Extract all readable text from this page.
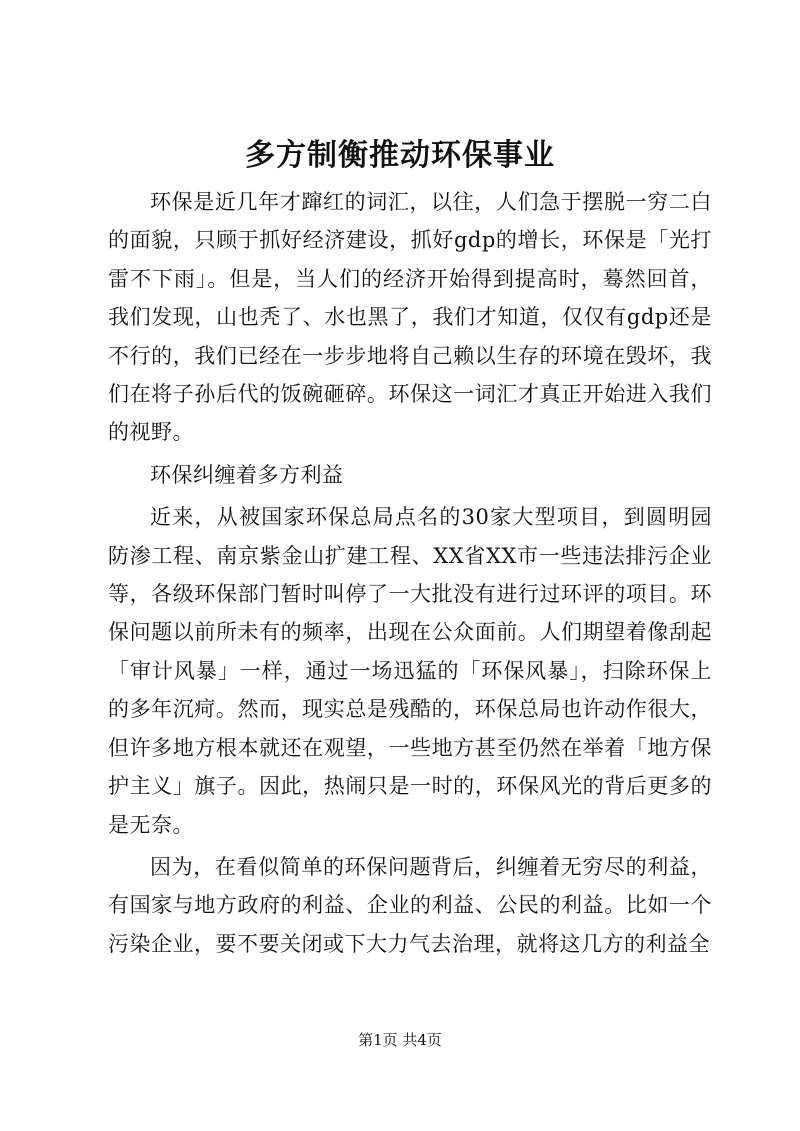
多方制衡推动环保事业

环保是近几年才蹿红的词汇，以往，人们急于摆脱一穷二白的面貌，只顾于抓好经济建设，抓好gdp的增长，环保是「光打雷不下雨」。但是，当人们的经济开始得到提高时，蓦然回首，我们发现，山也秃了、水也黑了，我们才知道，仅仅有gdp还是不行的，我们已经在一步步地将自己赖以生存的环境在毁坏，我们在将子孙后代的饭碗砸碎。环保这一词汇才真正开始进入我们的视野。

环保纠缠着多方利益

近来，从被国家环保总局点名的30家大型项目，到圆明园防渗工程、南京紫金山扩建工程、XX省XX市一些违法排污企业等，各级环保部门暂时叫停了一大批没有进行过环评的项目。环保问题以前所未有的频率，出现在公众面前。人们期望着像刮起「审计风暴」一样，通过一场迅猛的「环保风暴」，扫除环保上的多年沉疴。然而，现实总是残酷的，环保总局也许动作很大，但许多地方根本就还在观望，一些地方甚至仍然在举着「地方保护主义」旗子。因此，热闹只是一时的，环保风光的背后更多的是无奈。

因为，在看似简单的环保问题背后，纠缠着无穷尽的利益，有国家与地方政府的利益、企业的利益、公民的利益。比如一个污染企业，要不要关闭或下大力气去治理，就将这几方的利益全

第1页 共4页
